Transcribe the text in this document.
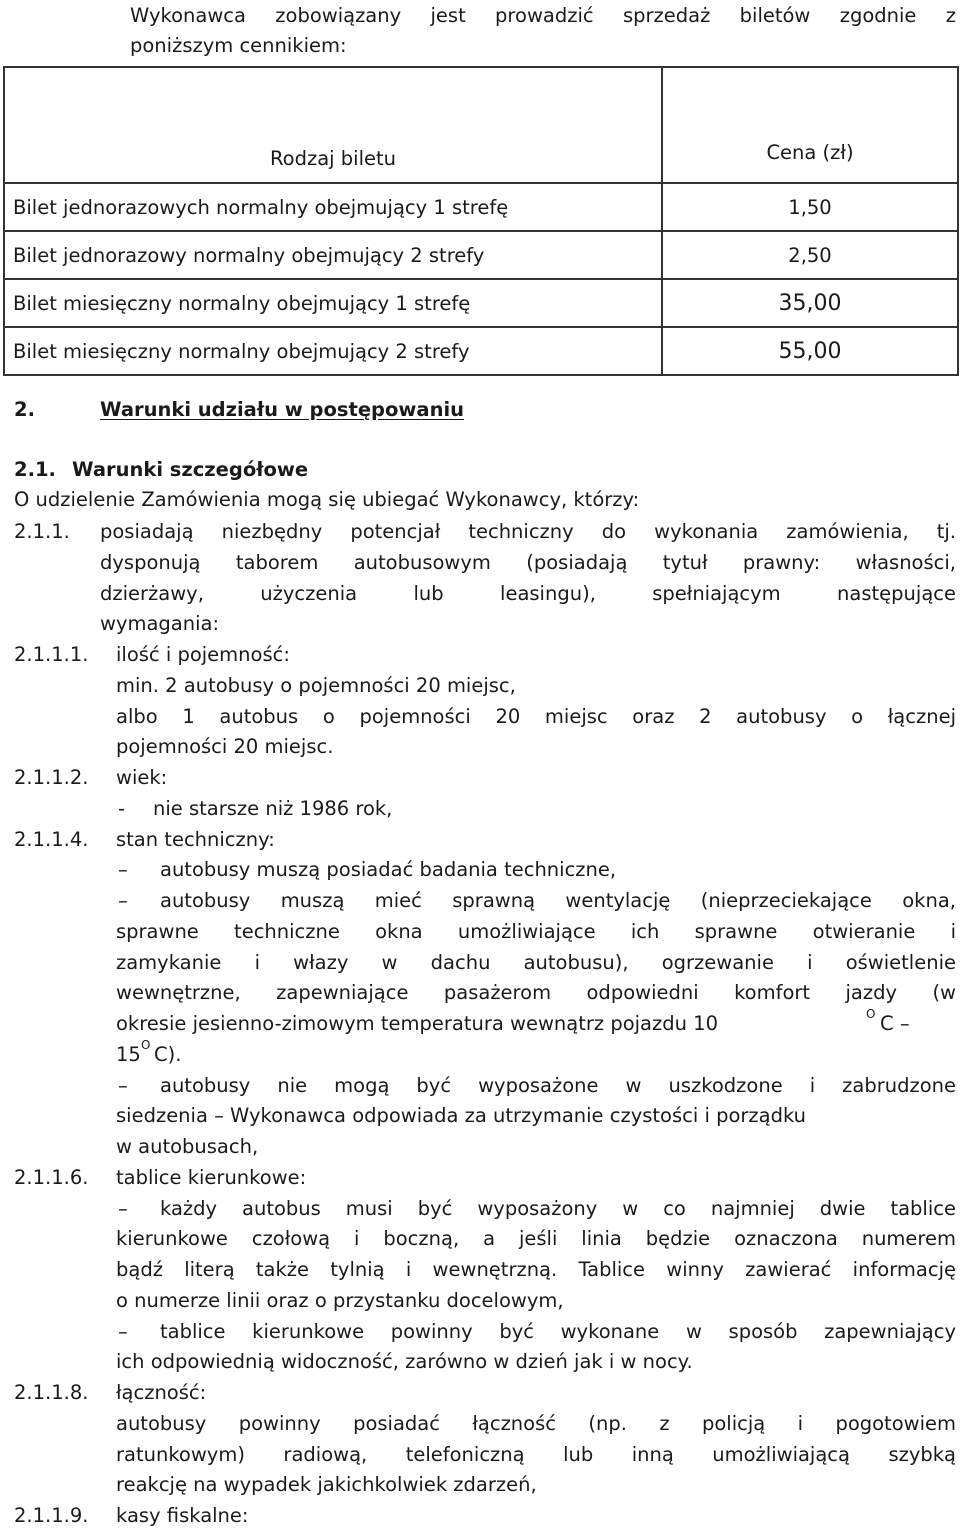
Wykonawca zobowiązany jest prowadzić sprzedaż biletów zgodnie z
poniższym cennikiem:
Rodzaj biletu	Cena (zł)
Bilet jednorazowych normalny obejmujący 1 strefę	1,50
Bilet jednorazowy normalny obejmujący 2 strefy	2,50
Bilet miesięczny normalny obejmujący 1 strefę	35,00
Bilet miesięczny normalny obejmujący 2 strefy	55,00
2.	Warunki udziału w postępowaniu
2.1. Warunki szczegółowe
O udzielenie Zamówienia mogą się ubiegać Wykonawcy, którzy:
2.1.1. posiadają niezbędny potencjał techniczny do wykonania zamówienia, tj.
dysponują taborem autobusowym (posiadają tytuł prawny: własności,
dzierżawy, użyczenia lub leasingu), spełniającym następujące
wymagania:
2.1.1.1. ilość i pojemność:
min. 2 autobusy o pojemności 20 miejsc,
albo 1 autobus o pojemności 20 miejsc oraz 2 autobusy o łącznej
pojemności 20 miejsc.
2.1.1.2. wiek:
- nie starsze niż 1986 rok,
2.1.1.4. stan techniczny:
– autobusy muszą posiadać badania techniczne,
– autobusy muszą mieć sprawną wentylację (nieprzeciekające okna,
sprawne techniczne okna umożliwiające ich sprawne otwieranie i
zamykanie i włazy w dachu autobusu), ogrzewanie i oświetlenie
wewnętrzne, zapewniające pasażerom odpowiedni komfort jazdy (w
okresie jesienno-zimowym temperatura wewnątrz pojazdu 10	O C –
15 O C).
– autobusy nie mogą być wyposażone w uszkodzone i zabrudzone
siedzenia – Wykonawca odpowiada za utrzymanie czystości i porządku
w autobusach,
2.1.1.6. tablice kierunkowe:
– każdy autobus musi być wyposażony w co najmniej dwie tablice
kierunkowe czołową i boczną, a jeśli linia będzie oznaczona numerem
bądź literą także tylnią i wewnętrzną. Tablice winny zawierać informację
o numerze linii oraz o przystanku docelowym,
– tablice kierunkowe powinny być wykonane w sposób zapewniający
ich odpowiednią widoczność, zarówno w dzień jak i w nocy.
2.1.1.8. łączność:
autobusy powinny posiadać łączność (np. z policją i pogotowiem
ratunkowym) radiową, telefoniczną lub inną umożliwiającą szybką
reakcję na wypadek jakichkolwiek zdarzeń,
2.1.1.9. kasy fiskalne:
